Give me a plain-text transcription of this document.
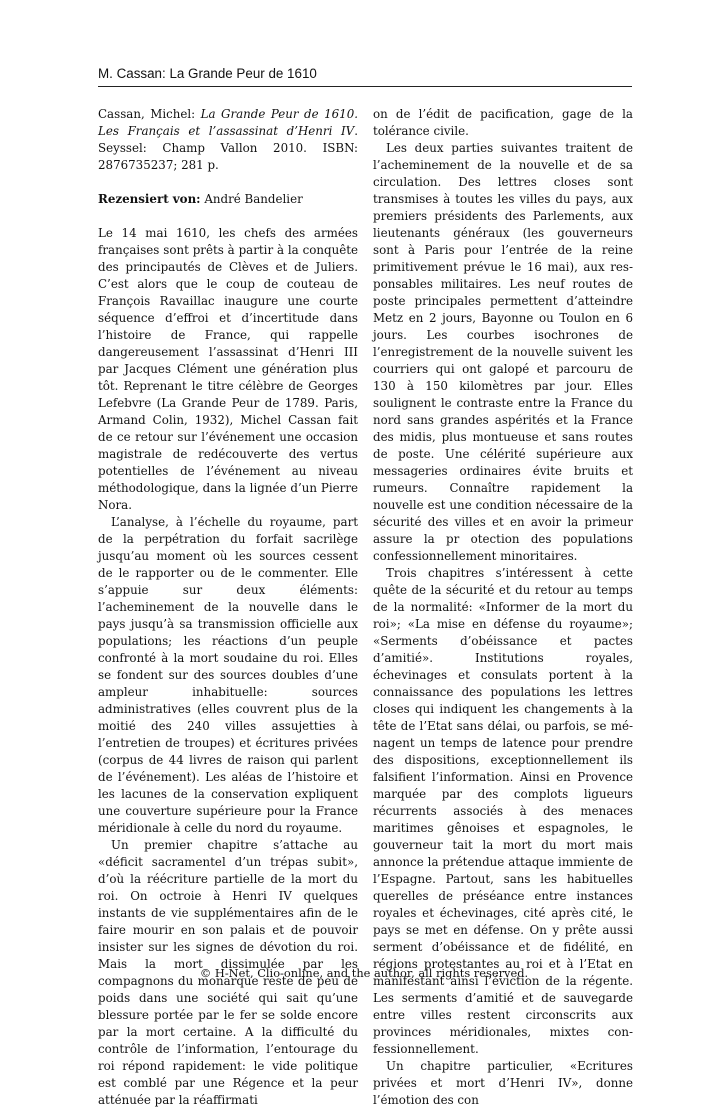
M. Cassan: La Grande Peur de 1610

Cassan, Michel: La Grande Peur de 1610. Les Français et l’assassinat d’Henri IV. Seyssel: Champ Vallon 2010. ISBN: 2876735237; 281 p.

Rezensiert von: André Bandelier

Le 14 mai 1610, les chefs des armées françaises sont prêts à partir à la conquête des principautés de Clèves et de Juliers. C’est alors que le coup de couteau de François Ravaillac inaugure une courte séquence d’effroi et d’incertitude dans l’histoire de France, qui rappelle dangereusement l’assassinat d’Henri III par Jacques Clément une génération plus tôt. Reprenant le titre célèbre de Georges Lefebvre (La Grande Peur de 1789. Paris, Armand Colin, 1932), Michel Cassan fait de ce retour sur l’événement une occasion magistrale de redécouverte des vertus potentielles de l’événement au niveau méthodologique, dans la lignée d’un Pierre Nora.

L’analyse, à l’échelle du royaume, part de la perpétration du forfait sacrilège jusqu’au moment où les sources cessent de le rapporter ou de le commenter. Elle s’appuie sur deux éléments: l’acheminement de la nouvelle dans le pays jusqu’à sa transmission officielle aux populations; les réactions d’un peuple confronté à la mort soudaine du roi. Elles se fondent sur des sources doubles d’une ampleur inhabituelle: sources administratives (elles couvrent plus de la moitié des 240 villes assujetties à l’entretien de troupes) et écritures privées (corpus de 44 livres de raison qui parlent de l’événement). Les aléas de l’histoire et les lacunes de la conservation expliquent une couverture supérieure pour la France méridionale à celle du nord du royaume.

Un premier chapitre s’attache au «déficit sacramentel d’un trépas subit», d’où la réécriture partielle de la mort du roi. On octroie à Henri IV quelques instants de vie supplémentaires afin de le faire mourir en son palais et de pouvoir insister sur les signes de dévotion du roi. Mais la mort dissimulée par les compagnons du monarque reste de peu de poids dans une société qui sait qu’une blessure portée par le fer se solde encore par la mort certaine. A la difficulté du contrôle de l’information, l’entourage du roi répond rapidement: le vide politique est comblé par une Régence et la peur atténuée par la réaffirmati

on de l’édit de pacification, gage de la tolérance civile.

Les deux parties suivantes traitent de l’acheminement de la nouvelle et de sa circulation. Des lettres closes sont transmises à toutes les villes du pays, aux premiers présidents des Parlements, aux lieutenants généraux (les gouverneurs sont à Paris pour l’entrée de la reine primitivement prévue le 16 mai), aux responsables militaires. Les neuf routes de poste principales permettent d’atteindre Metz en 2 jours, Bayonne ou Toulon en 6 jours. Les courbes isochrones de l’enregistrement de la nouvelle suivent les courriers qui ont galopé et parcouru de 130 à 150 kilomètres par jour. Elles soulignent le contraste entre la France du nord sans grandes aspérités et la France des midis, plus montueuse et sans routes de poste. Une célérité supérieure aux messageries ordinaires évite bruits et rumeurs. Connaître rapidement la nouvelle est une condition nécessaire de la sécurité des villes et en avoir la primeur assure la pr otection des populations confessionnellement minoritaires.

Trois chapitres s’intéressent à cette quête de la sécurité et du retour au temps de la normalité: «Informer de la mort du roi»; «La mise en défense du royaume»; «Serments d’obéissance et pactes d’amitié». Institutions royales, échevinages et consulats portent à la connaissance des populations les lettres closes qui indiquent les changements à la tête de l’Etat sans délai, ou parfois, se ménagent un temps de latence pour prendre des dispositions, exceptionnellement ils falsifient l’information. Ainsi en Provence marquée par des complots ligueurs récurrents associés à des menaces maritimes gênoises et espagnoles, le gouverneur tait la mort du mort mais annonce la prétendue attaque immiente de l’Espagne. Partout, sans les habituelles querelles de préséance entre instances royales et échevinages, cité après cité, le pays se met en défense. On y prête aussi serment d’obéissance et de fidélité, en régions protestantes au roi et à l’Etat en manifestant ainsi l’éviction de la régente. Les serments d’amitié et de sauvegarde entre villes restent circonscrits aux provinces méridionales, mixtes confessionnellement.

Un chapitre particulier, «Ecritures privées et mort d’Henri IV», donne l’émotion des con

© H-Net, Clio-online, and the author, all rights reserved.
